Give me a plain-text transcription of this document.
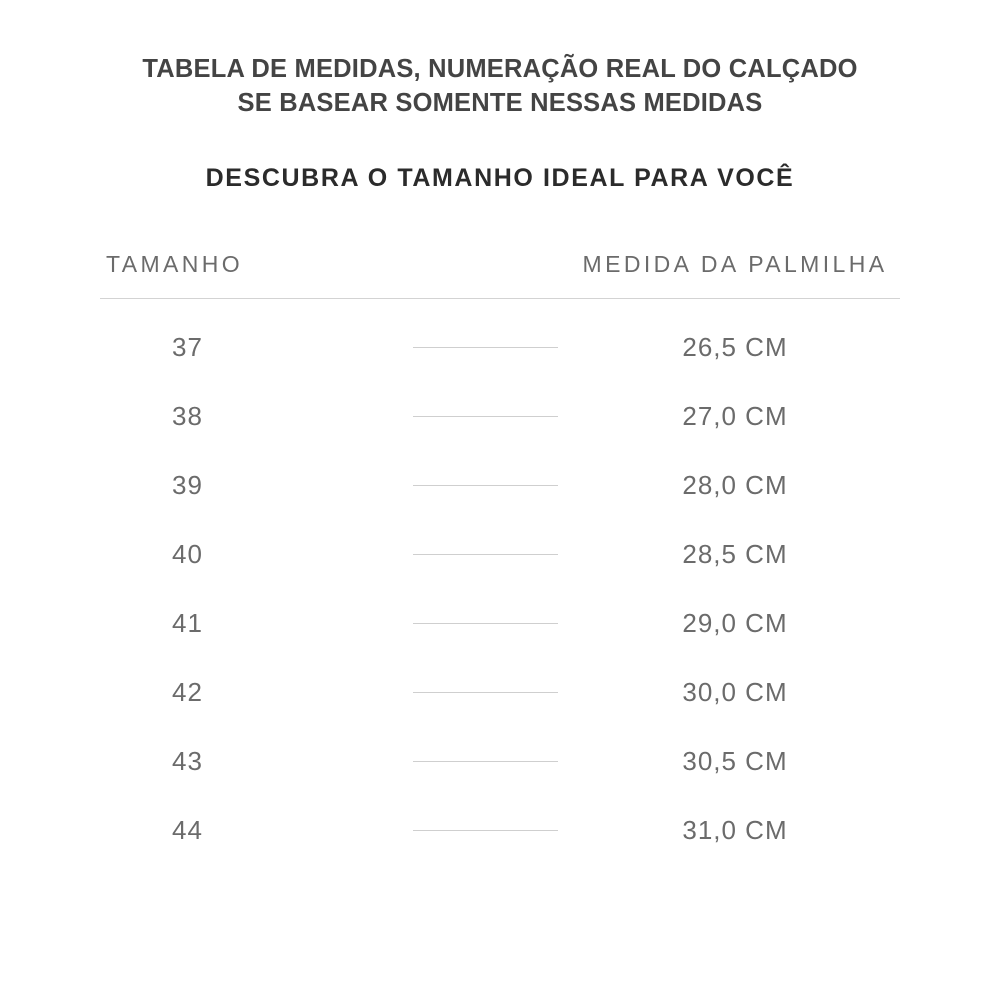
TABELA DE MEDIDAS, NUMERAÇÃO REAL DO CALÇADO
SE BASEAR SOMENTE NESSAS MEDIDAS
DESCUBRA O TAMANHO IDEAL PARA VOCÊ
TAMANHO	MEDIDA DA PALMILHA
37	26,5 CM
38	27,0 CM
39	28,0 CM
40	28,5 CM
41	29,0 CM
42	30,0 CM
43	30,5 CM
44	31,0 CM
